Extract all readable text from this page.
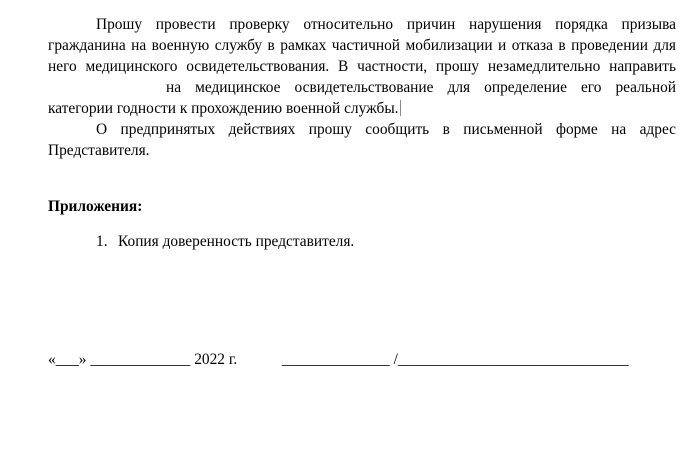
Прошу провести проверку относительно причин нарушения порядка призыва
гражданина на военную службу в рамках частичной мобилизации и отказа в проведении для
него медицинского освидетельствования. В частности, прошу незамедлительно направить
на медицинское освидетельствование для определение его реальной
категории годности к прохождению военной службы.
О предпринятых действиях прошу сообщить в письменной форме на адрес
Представителя.
Приложения:
1. Копия доверенность представителя.
«___» _____________ 2022 г.	______________ /______________________________
